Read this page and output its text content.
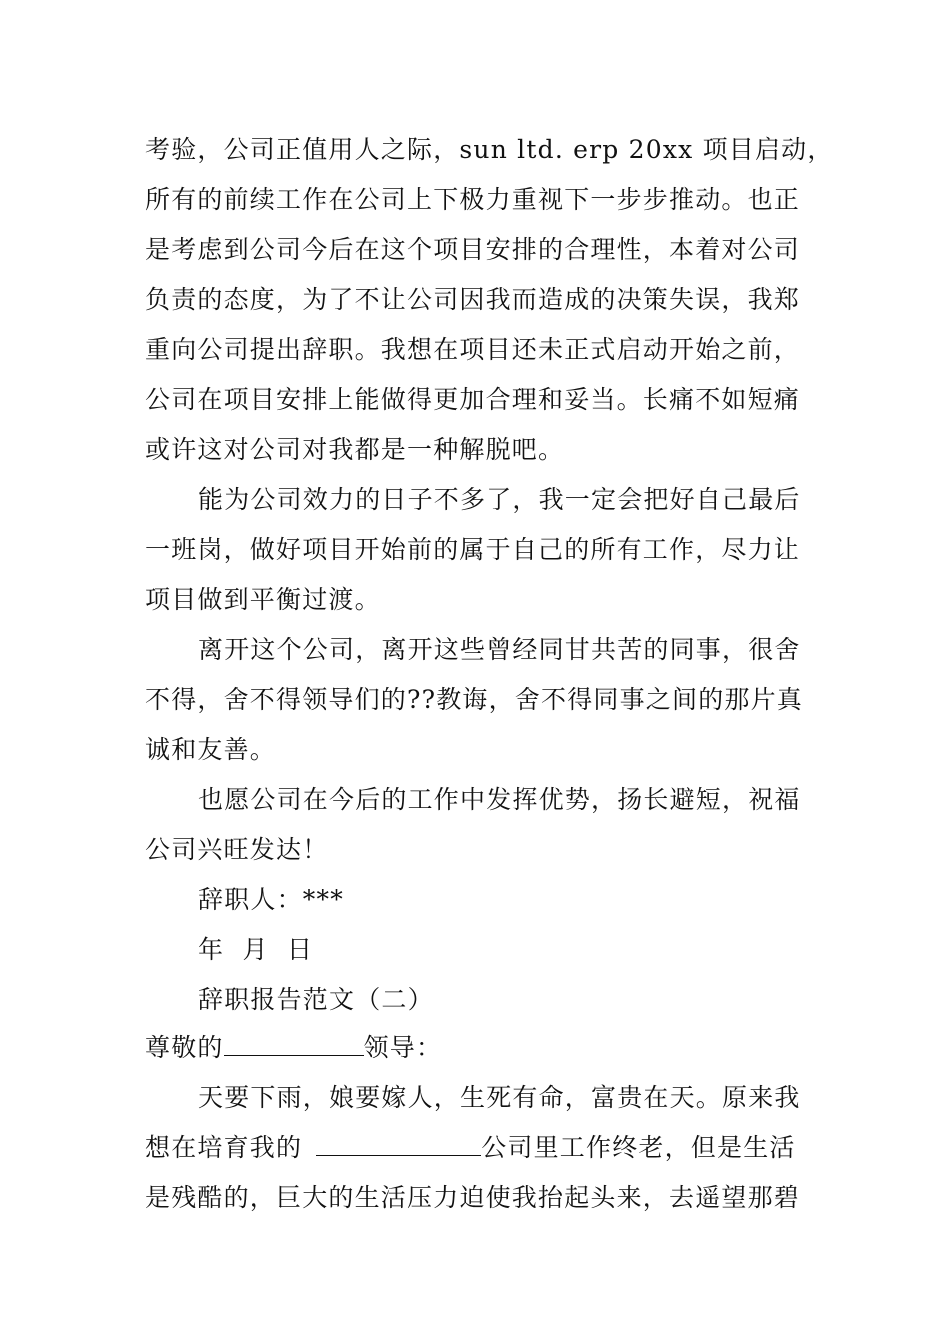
考验，公司正值用人之际，sun ltd. erp 20xx 项目启动，
所有的前续工作在公司上下极力重视下一步步推动。也正
是考虑到公司今后在这个项目安排的合理性，本着对公司
负责的态度，为了不让公司因我而造成的决策失误，我郑
重向公司提出辞职。我想在项目还未正式启动开始之前，
公司在项目安排上能做得更加合理和妥当。长痛不如短痛
或许这对公司对我都是一种解脱吧。
能为公司效力的日子不多了，我一定会把好自己最后
一班岗，做好项目开始前的属于自己的所有工作，尽力让
项目做到平衡过渡。
离开这个公司，离开这些曾经同甘共苦的同事，很舍
不得，舍不得领导们的??教诲，舍不得同事之间的那片真
诚和友善。
也愿公司在今后的工作中发挥优势，扬长避短，祝福
公司兴旺发达！
辞职人：***
年  月  日
辞职报告范文（二）
尊敬的	领导：
天要下雨，娘要嫁人，生死有命，富贵在天。原来我
想在培育我的	公司里工作终老，但是生活
是残酷的，巨大的生活压力迫使我抬起头来，去遥望那碧
